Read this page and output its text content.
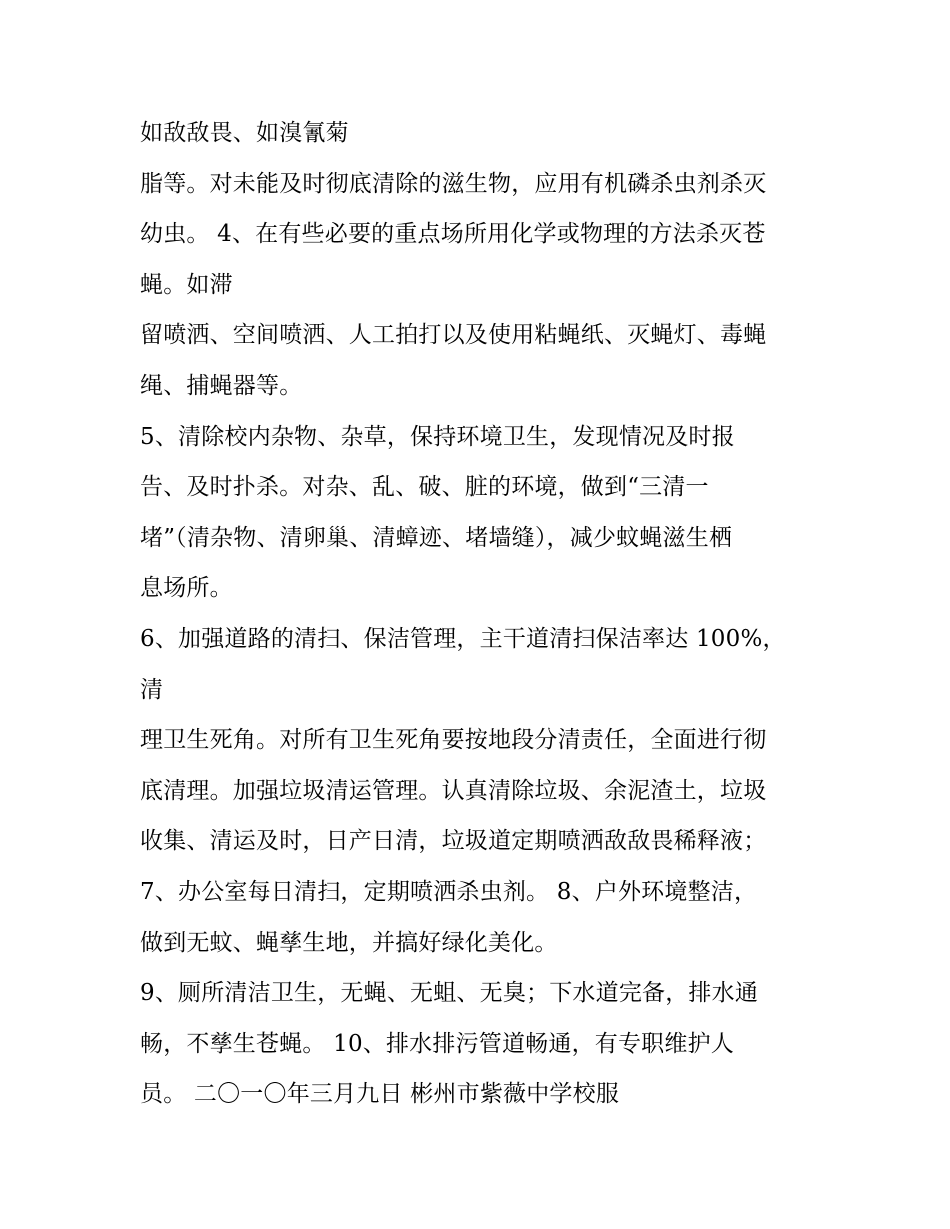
如敌敌畏、如溴氰菊
脂等。对未能及时彻底清除的滋生物，应用有机磷杀虫剂杀灭
幼虫。 4、在有些必要的重点场所用化学或物理的方法杀灭苍
蝇。如滞
留喷洒、空间喷洒、人工拍打以及使用粘蝇纸、灭蝇灯、毒蝇
绳、捕蝇器等。
5、清除校内杂物、杂草，保持环境卫生，发现情况及时报
告、及时扑杀。对杂、乱、破、脏的环境，做到“三清一
堵”（清杂物、清卵巢、清蟑迹、堵墙缝），减少蚊蝇滋生栖
息场所。
6、加强道路的清扫、保洁管理，主干道清扫保洁率达 100%，
清
理卫生死角。对所有卫生死角要按地段分清责任，全面进行彻
底清理。加强垃圾清运管理。认真清除垃圾、余泥渣土，垃圾
收集、清运及时，日产日清，垃圾道定期喷洒敌敌畏稀释液；
7、办公室每日清扫，定期喷洒杀虫剂。 8、户外环境整洁，
做到无蚊、蝇孳生地，并搞好绿化美化。
9、厕所清洁卫生，无蝇、无蛆、无臭；下水道完备，排水通
畅，不孳生苍蝇。 10、排水排污管道畅通，有专职维护人
员。 二〇一〇年三月九日 彬州市紫薇中学校服
